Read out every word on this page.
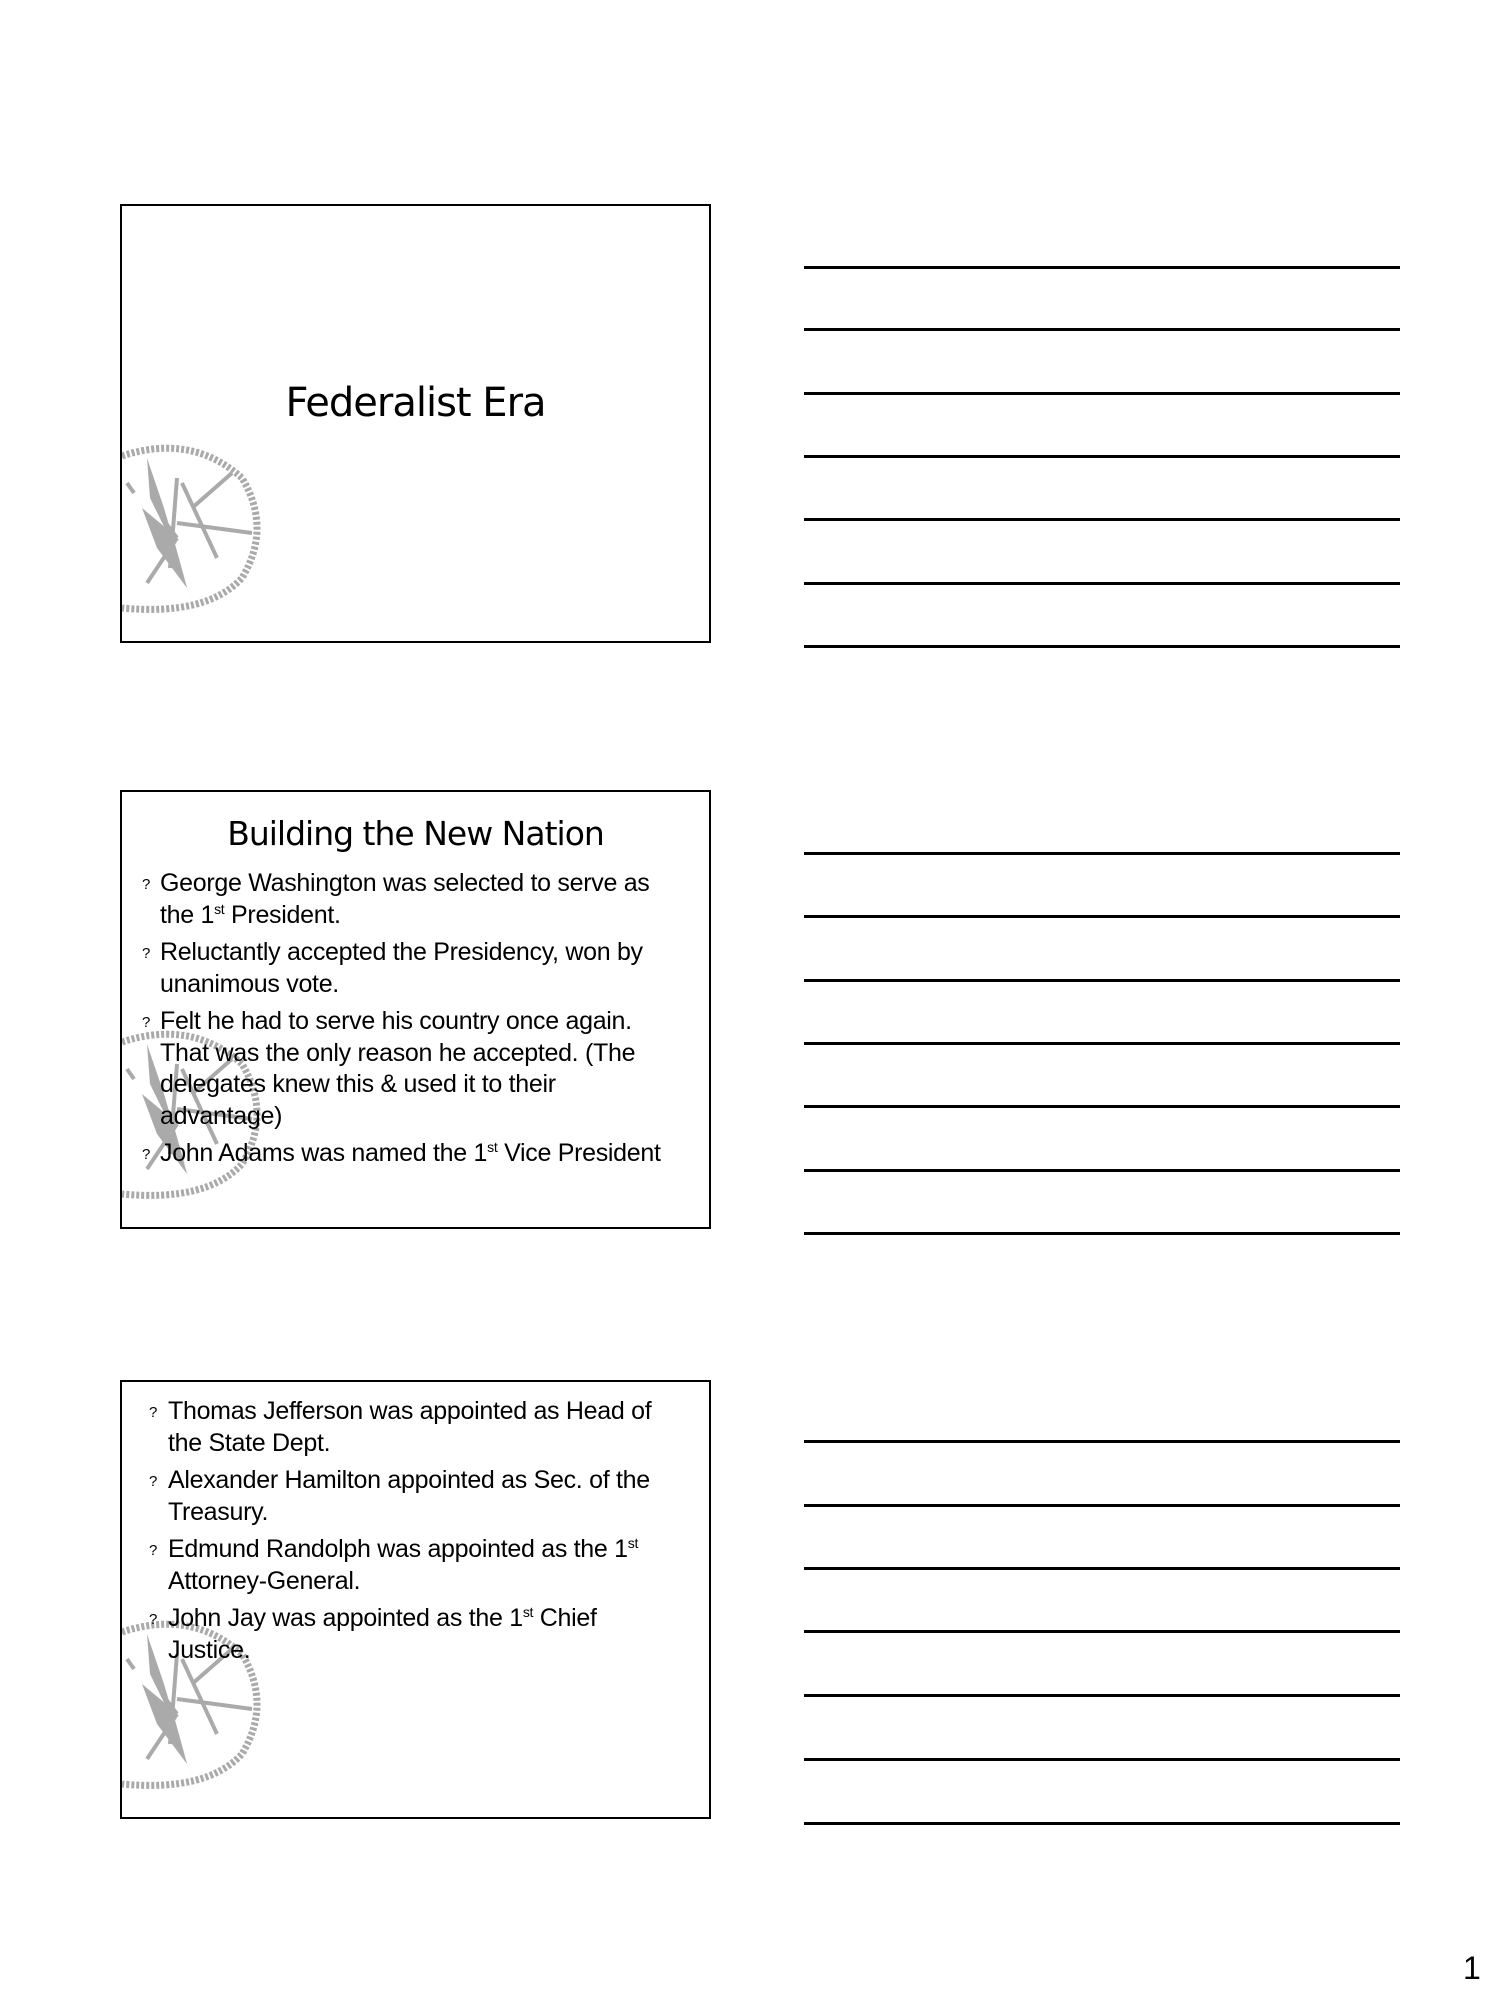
Federalist Era
Building the New Nation
? George Washington was selected to serve as
the 1st President.
? Reluctantly accepted the Presidency, won by
unanimous vote.
? Felt he had to serve his country once again.
That was the only reason he accepted. (The
delegates knew this & used it to their
advantage)
? John Adams was named the 1st Vice President
? Thomas Jefferson was appointed as Head of
the State Dept.
? Alexander Hamilton appointed as Sec. of the
Treasury.
? Edmund Randolph was appointed as the 1st
Attorney-General.
? John Jay was appointed as the 1st Chief
Justice.
1
